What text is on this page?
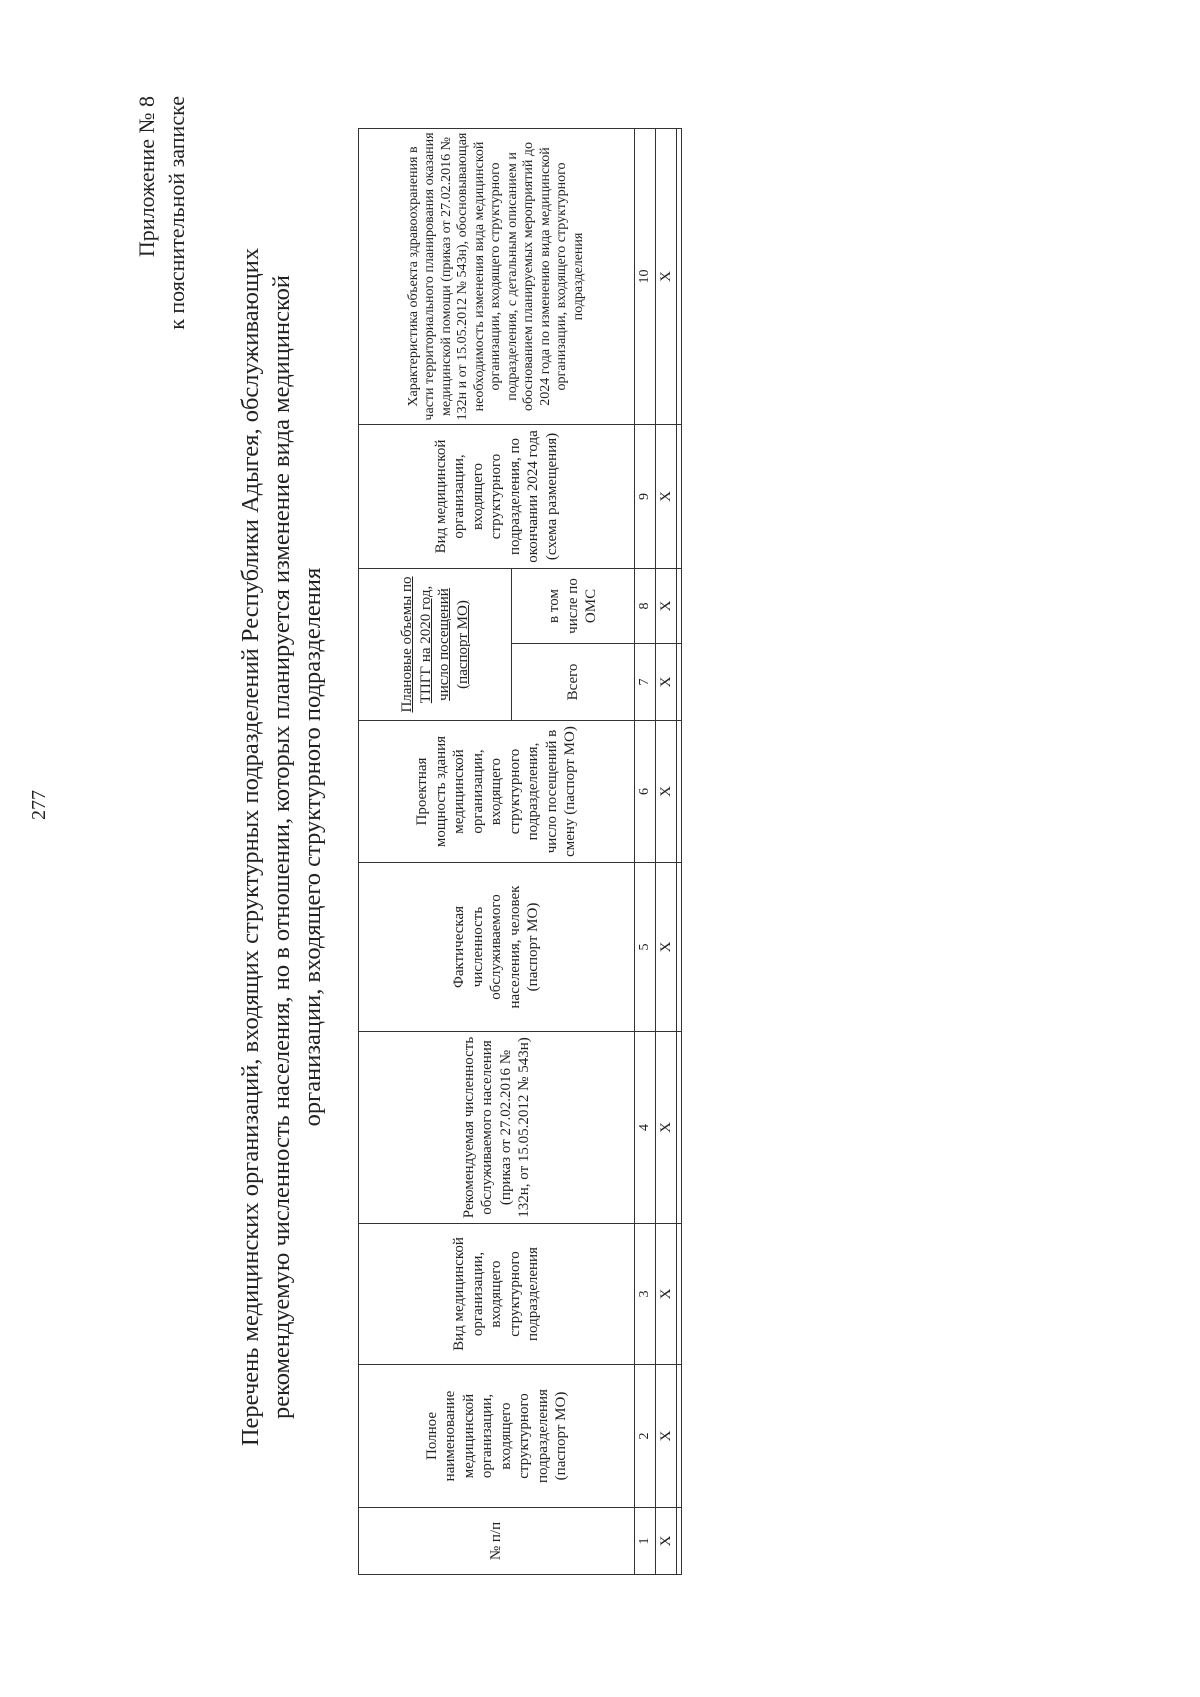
277
Приложение № 8 к пояснительной записке
Перечень медицинских организаций, входящих структурных подразделений Республики Адыгея, обслуживающих рекомендуемую численность населения, но в отношении, которых планируется изменение вида медицинской организации, входящего структурного подразделения
№ п/п	Полное наименование медицинской организации, входящего структурного подразделения (паспорт МО)	Вид медицинской организации, входящего структурного подразделения	Рекомендуемая численность обслуживаемого населения (приказ от 27.02.2016 № 132н, от 15.05.2012 № 543н)	Фактическая численность обслуживаемого населения, человек (паспорт МО)	Проектная мощность здания медицинской организации, входящего структурного подразделения, число посещений в смену (паспорт МО)	Плановые объемы по ТПГГ на 2020 год, число посещений (паспорт МО)		Вид медицинской организации, входящего структурного подразделения, по окончании 2024 года (схема размещения)	Характеристика объекта здравоохранения в части территориального планирования оказания медицинской помощи (приказ от 27.02.2016 № 132н и от 15.05.2012 № 543н), обосновывающая необходимость изменения вида медицинской организации, входящего структурного подразделения, с детальным описанием и обоснованием планируемых мероприятий до 2024 года по изменению вида медицинской организации, входящего структурного подразделения
						Всего	в том числе по ОМС		
1	2	3	4	5	6	7	8	9	10
X	X	X	X	X	X	X	X	X	X
